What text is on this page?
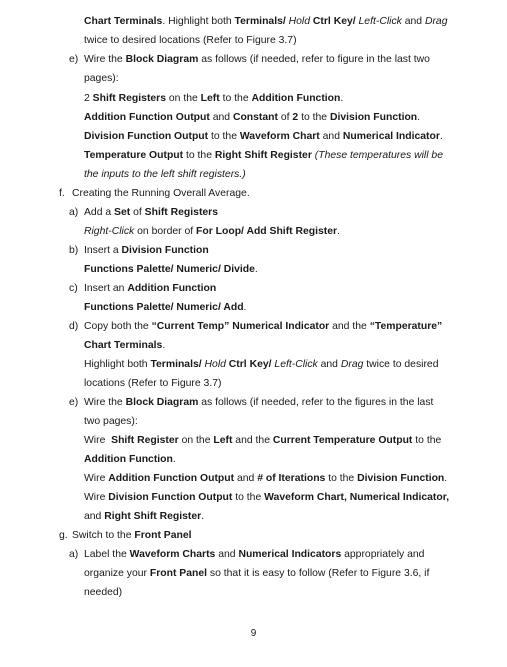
Chart Terminals. Highlight both Terminals/ Hold Ctrl Key/ Left-Click and Drag
twice to desired locations (Refer to Figure 3.7)
e) Wire the Block Diagram as follows (if needed, refer to figure in the last two
pages):
2 Shift Registers on the Left to the Addition Function.
Addition Function Output and Constant of 2 to the Division Function.
Division Function Output to the Waveform Chart and Numerical Indicator.
Temperature Output to the Right Shift Register (These temperatures will be
the inputs to the left shift registers.)
f. Creating the Running Overall Average.
a) Add a Set of Shift Registers
Right-Click on border of For Loop/ Add Shift Register.
b) Insert a Division Function
Functions Palette/ Numeric/ Divide.
c) Insert an Addition Function
Functions Palette/ Numeric/ Add.
d) Copy both the “Current Temp” Numerical Indicator and the “Temperature”
Chart Terminals.
Highlight both Terminals/ Hold Ctrl Key/ Left-Click and Drag twice to desired
locations (Refer to Figure 3.7)
e) Wire the Block Diagram as follows (if needed, refer to the figures in the last
two pages):
Wire  Shift Register on the Left and the Current Temperature Output to the
Addition Function.
Wire Addition Function Output and # of Iterations to the Division Function.
Wire Division Function Output to the Waveform Chart, Numerical Indicator,
and Right Shift Register.
g. Switch to the Front Panel
a) Label the Waveform Charts and Numerical Indicators appropriately and
organize your Front Panel so that it is easy to follow (Refer to Figure 3.6, if
needed)
9
